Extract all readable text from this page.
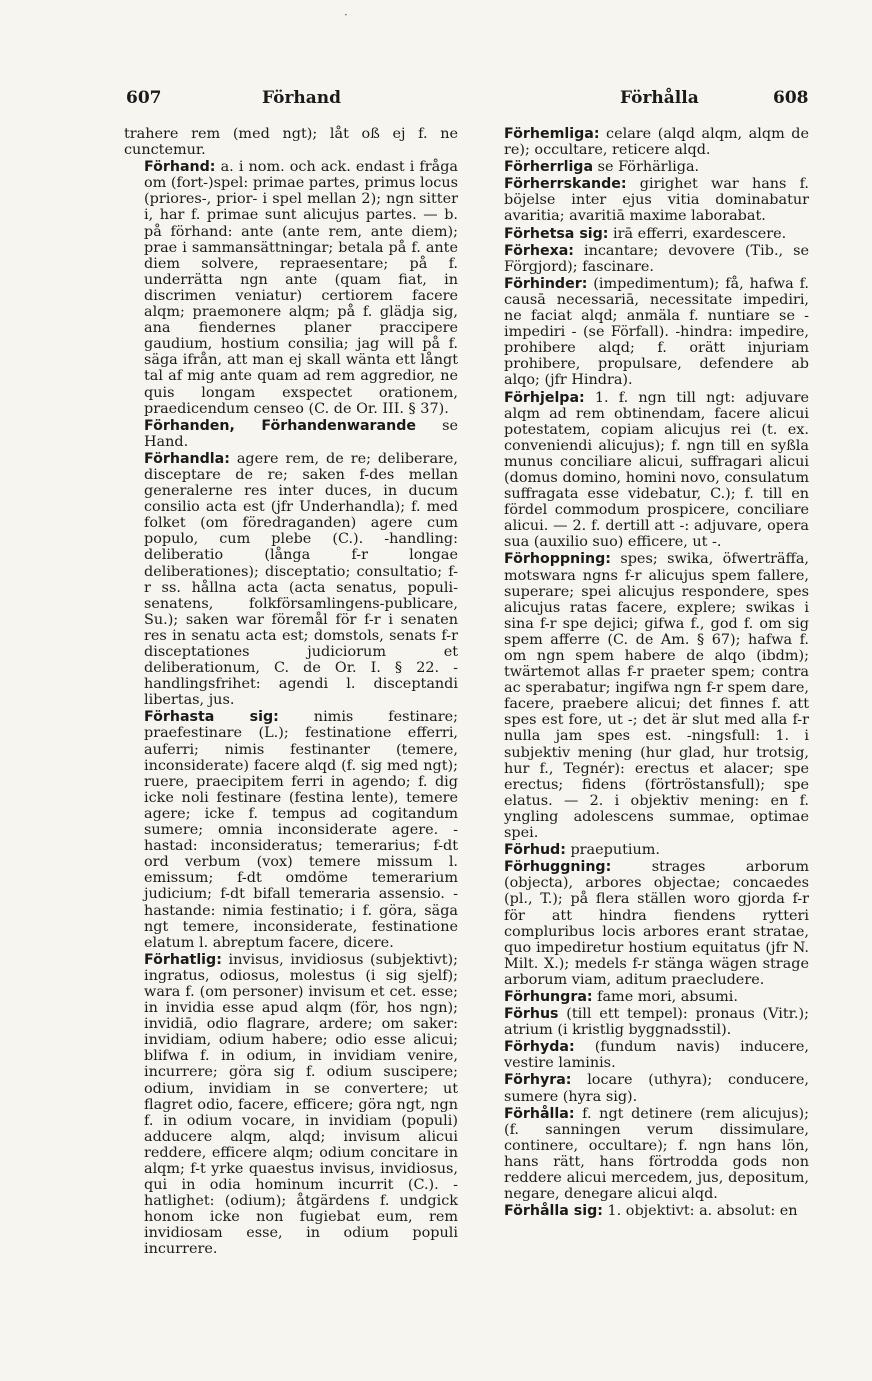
607	Förhand	Förhålla	608

trahere rem (med ngt); låt oß ej f. ne cunctemur.

Förhand: a. i nom. och ack. endast i fråga om (fort-)spel: primae partes, primus locus (priores-, prior- i spel mellan 2); ngn sitter i, har f. primae sunt alicujus partes. — b. på förhand: ante (ante rem, ante diem); prae i sammansättningar; betala på f. ante diem solvere, repraesentare; på f. underrätta ngn ante (quam fiat, in discrimen veniatur) certiorem facere alqm; praemonere alqm; på f. glädja sig, ana fiendernes planer praccipere gaudium, hostium consilia; jag will på f. säga ifrån, att man ej skall wänta ett långt tal af mig ante quam ad rem aggredior, ne quis longam exspectet orationem, praedicendum censeo (C. de Or. III. § 37).

Förhanden, Förhandenwarande se Hand.

Förhandla: agere rem, de re; deliberare, disceptare de re; saken f-des mellan generalerne res inter duces, in ducum consilio acta est (jfr Underhandla); f. med folket (om föredraganden) agere cum populo, cum plebe (C.). -handling: deliberatio (långa f-r longae deliberationes); disceptatio; consultatio; f-r ss. hållna acta (acta senatus, populi-senatens, folkförsamlingens-publicare, Su.); saken war föremål för f-r i senaten res in senatu acta est; domstols, senats f-r disceptationes judiciorum et deliberationum, C. de Or. I. § 22. -handlingsfrihet: agendi l. disceptandi libertas, jus.

Förhasta sig: nimis festinare; praefestinare (L.); festinatione efferri, auferri; nimis festinanter (temere, inconsiderate) facere alqd (f. sig med ngt); ruere, praecipitem ferri in agendo; f. dig icke noli festinare (festina lente), temere agere; icke f. tempus ad cogitandum sumere; omnia inconsiderate agere. -hastad: inconsideratus; temerarius; f-dt ord verbum (vox) temere missum l. emissum; f-dt omdöme temerarium judicium; f-dt bifall temeraria assensio. -hastande: nimia festinatio; i f. göra, säga ngt temere, inconsiderate, festinatione elatum l. abreptum facere, dicere.

Förhatlig: invisus, invidiosus (subjektivt); ingratus, odiosus, molestus (i sig sjelf); wara f. (om personer) invisum et cet. esse; in invidia esse apud alqm (för, hos ngn); invidiā, odio flagrare, ardere; om saker: invidiam, odium habere; odio esse alicui; blifwa f. in odium, in invidiam venire, incurrere; göra sig f. odium suscipere; odium, invidiam in se convertere; ut flagret odio, facere, efficere; göra ngt, ngn f. in odium vocare, in invidiam (populi) adducere alqm, alqd; invisum alicui reddere, efficere alqm; odium concitare in alqm; f-t yrke quaestus invisus, invidiosus, qui in odia hominum incurrit (C.). -hatlighet: (odium); åtgärdens f. undgick honom icke non fugiebat eum, rem invidiosam esse, in odium populi incurrere.

Förhemliga: celare (alqd alqm, alqm de re); occultare, reticere alqd.

Förherrliga se Förhärliga.

Förherrskande: girighet war hans f. böjelse inter ejus vitia dominabatur avaritia; avaritiā maxime laborabat.

Förhetsa sig: irā efferri, exardescere.

Förhexa: incantare; devovere (Tib., se Förgjord); fascinare.

Förhinder: (impedimentum); få, hafwa f. causā necessariā, necessitate impediri, ne faciat alqd; anmäla f. nuntiare se - impediri - (se Förfall). -hindra: impedire, prohibere alqd; f. orätt injuriam prohibere, propulsare, defendere ab alqo; (jfr Hindra).

Förhjelpa: 1. f. ngn till ngt: adjuvare alqm ad rem obtinendam, facere alicui potestatem, copiam alicujus rei (t. ex. conveniendi alicujus); f. ngn till en syßla munus conciliare alicui, suffragari alicui (domus domino, homini novo, consulatum suffragata esse videbatur, C.); f. till en fördel commodum prospicere, conciliare alicui. — 2. f. dertill att -: adjuvare, opera sua (auxilio suo) efficere, ut -.

Förhoppning: spes; swika, öfwerträffa, motswara ngns f-r alicujus spem fallere, superare; spei alicujus respondere, spes alicujus ratas facere, explere; swikas i sina f-r spe dejici; gifwa f., god f. om sig spem afferre (C. de Am. § 67); hafwa f. om ngn spem habere de alqo (ibdm); twärtemot allas f-r praeter spem; contra ac sperabatur; ingifwa ngn f-r spem dare, facere, praebere alicui; det finnes f. att spes est fore, ut -; det är slut med alla f-r nulla jam spes est. -ningsfull: 1. i subjektiv mening (hur glad, hur trotsig, hur f., Tegnér): erectus et alacer; spe erectus; fidens (förtröstansfull); spe elatus. — 2. i objektiv mening: en f. yngling adolescens summae, optimae spei.

Förhud: praeputium.

Förhuggning: strages arborum (objecta), arbores objectae; concaedes (pl., T.); på flera ställen woro gjorda f-r för att hindra fiendens rytteri compluribus locis arbores erant stratae, quo impediretur hostium equitatus (jfr N. Milt. X.); medels f-r stänga wägen strage arborum viam, aditum praecludere.

Förhungra: fame mori, absumi.

Förhus (till ett tempel): pronaus (Vitr.); atrium (i kristlig byggnadsstil).

Förhyda: (fundum navis) inducere, vestire laminis.

Förhyra: locare (uthyra); conducere, sumere (hyra sig).

Förhålla: f. ngt detinere (rem alicujus); (f. sanningen verum dissimulare, continere, occultare); f. ngn hans lön, hans rätt, hans förtrodda gods non reddere alicui mercedem, jus, depositum, negare, denegare alicui alqd.

Förhålla sig: 1. objektivt: a. absolut: en

·
